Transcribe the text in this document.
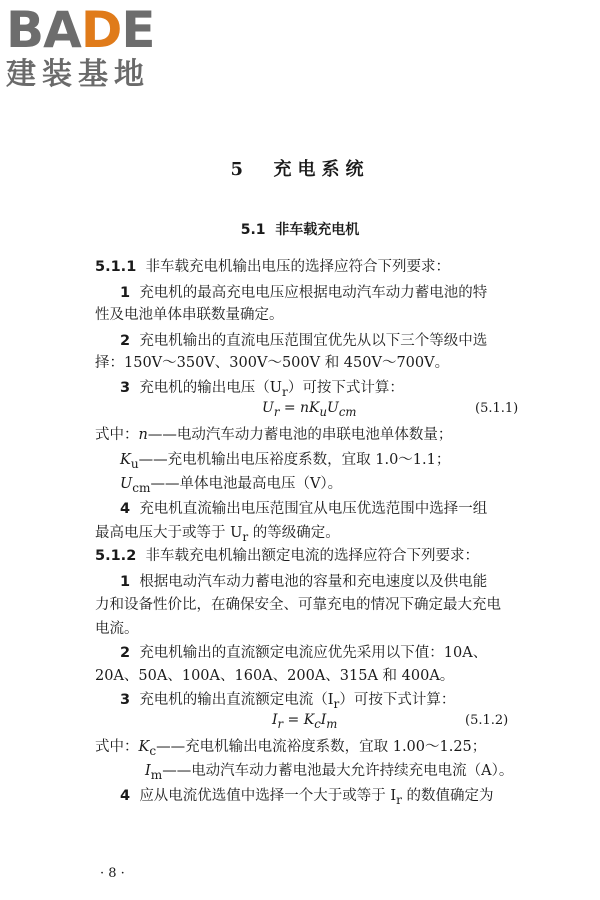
BADE
建装基地
5 充电系统
5.1 非车载充电机
5.1.1 非车载充电机输出电压的选择应符合下列要求：
1 充电机的最高充电电压应根据电动汽车动力蓄电池的特
性及电池单体串联数量确定。
2 充电机输出的直流电压范围宜优先从以下三个等级中选
择：150V～350V、300V～500V 和 450V～700V。
3 充电机的输出电压$(U_r)$可按下式计算：
$U_r = nK_uU_{cm}$	(5.1.1)
式中：n——电动汽车动力蓄电池的串联电池单体数量；
$K_u——$充电机输出电压裕度系数，宜取 1.0～1.1；
$U_{cm}——$单体电池最高电压（V）。
4 充电机直流输出电压范围宜从电压优选范围中选择一组
最高电压大于或等于 $U_r$ 的等级确定。
5.1.2 非车载充电机输出额定电流的选择应符合下列要求：
1 根据电动汽车动力蓄电池的容量和充电速度以及供电能
力和设备性价比，在确保安全、可靠充电的情况下确定最大充电
电流。
2 充电机输出的直流额定电流应优先采用以下值：10A、
20A、50A、100A、160A、200A、315A 和 400A。
3 充电机的输出直流额定电流$(I_r)$可按下式计算：
$I_r = K_cI_m$	(5.1.2)
式中：$K_c——$充电机输出电流裕度系数，宜取 1.00～1.25；
$I_m——$电动汽车动力蓄电池最大允许持续充电电流（A）。
4 应从电流优选值中选择一个大于或等于 $I_r$ 的数值确定为
· 8 ·
